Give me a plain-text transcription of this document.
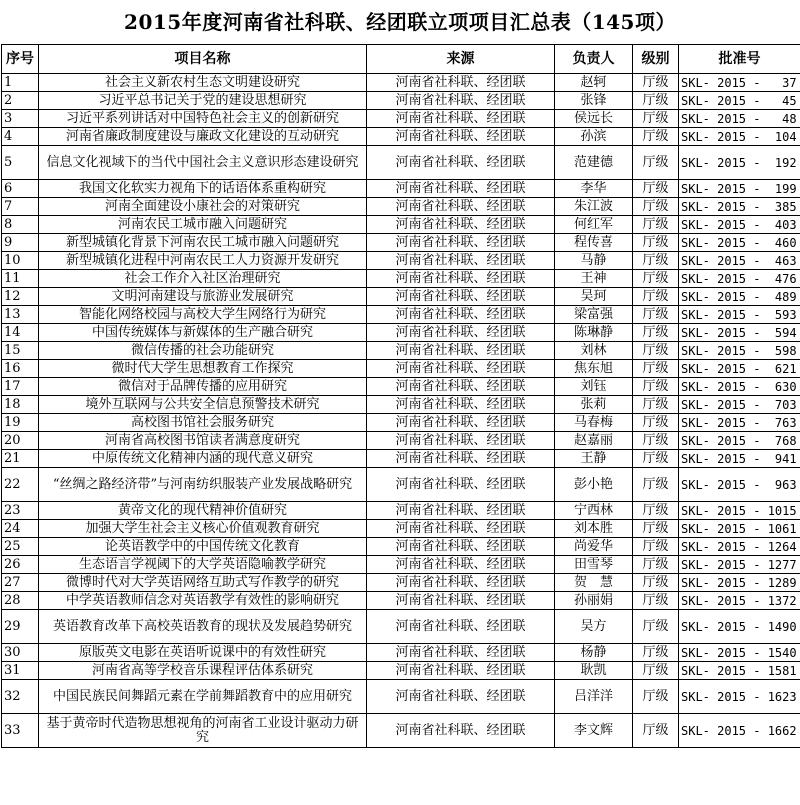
2015年度河南省社科联、经团联立项项目汇总表（145项）
序号	项目名称	来源	负责人	级别	批准号
1	社会主义新农村生态文明建设研究	河南省社科联、经团联	赵轲	厅级	SKL- 2015 -   37
2	习近平总书记关于党的建设思想研究	河南省社科联、经团联	张锋	厅级	SKL- 2015 -   45
3	习近平系列讲话对中国特色社会主义的创新研究	河南省社科联、经团联	侯远长	厅级	SKL- 2015 -   48
4	河南省廉政制度建设与廉政文化建设的互动研究	河南省社科联、经团联	孙滨	厅级	SKL- 2015 -  104
5	信息文化视域下的当代中国社会主义意识形态建设研究	河南省社科联、经团联	范建德	厅级	SKL- 2015 -  192
6	我国文化软实力视角下的话语体系重构研究	河南省社科联、经团联	李华	厅级	SKL- 2015 -  199
7	河南全面建设小康社会的对策研究	河南省社科联、经团联	朱江波	厅级	SKL- 2015 -  385
8	河南农民工城市融入问题研究	河南省社科联、经团联	何红军	厅级	SKL- 2015 -  403
9	新型城镇化背景下河南农民工城市融入问题研究	河南省社科联、经团联	程传喜	厅级	SKL- 2015 -  460
10	新型城镇化进程中河南农民工人力资源开发研究	河南省社科联、经团联	马静	厅级	SKL- 2015 -  463
11	社会工作介入社区治理研究	河南省社科联、经团联	王神	厅级	SKL- 2015 -  476
12	文明河南建设与旅游业发展研究	河南省社科联、经团联	吴珂	厅级	SKL- 2015 -  489
13	智能化网络校园与高校大学生网络行为研究	河南省社科联、经团联	梁富强	厅级	SKL- 2015 -  593
14	中国传统媒体与新媒体的生产融合研究	河南省社科联、经团联	陈琳静	厅级	SKL- 2015 -  594
15	微信传播的社会功能研究	河南省社科联、经团联	刘林	厅级	SKL- 2015 -  598
16	微时代大学生思想教育工作探究	河南省社科联、经团联	焦东旭	厅级	SKL- 2015 -  621
17	微信对于品牌传播的应用研究	河南省社科联、经团联	刘钰	厅级	SKL- 2015 -  630
18	境外互联网与公共安全信息预警技术研究	河南省社科联、经团联	张莉	厅级	SKL- 2015 -  703
19	高校图书馆社会服务研究	河南省社科联、经团联	马春梅	厅级	SKL- 2015 -  763
20	河南省高校图书馆读者满意度研究	河南省社科联、经团联	赵嘉丽	厅级	SKL- 2015 -  768
21	中原传统文化精神内涵的现代意义研究	河南省社科联、经团联	王静	厅级	SKL- 2015 -  941
22	“丝绸之路经济带”与河南纺织服装产业发展战略研究	河南省社科联、经团联	彭小艳	厅级	SKL- 2015 -  963
23	黄帝文化的现代精神价值研究	河南省社科联、经团联	宁西林	厅级	SKL- 2015 - 1015
24	加强大学生社会主义核心价值观教育研究	河南省社科联、经团联	刘本胜	厅级	SKL- 2015 - 1061
25	论英语教学中的中国传统文化教育	河南省社科联、经团联	尚爱华	厅级	SKL- 2015 - 1264
26	生态语言学视阈下的大学英语隐喻教学研究	河南省社科联、经团联	田雪琴	厅级	SKL- 2015 - 1277
27	微博时代对大学英语网络互助式写作教学的研究	河南省社科联、经团联	贺　慧	厅级	SKL- 2015 - 1289
28	中学英语教师信念对英语教学有效性的影响研究	河南省社科联、经团联	孙丽娟	厅级	SKL- 2015 - 1372
29	英语教育改革下高校英语教育的现状及发展趋势研究	河南省社科联、经团联	吴方	厅级	SKL- 2015 - 1490
30	原版英文电影在英语听说课中的有效性研究	河南省社科联、经团联	杨静	厅级	SKL- 2015 - 1540
31	河南省高等学校音乐课程评估体系研究	河南省社科联、经团联	耿凯	厅级	SKL- 2015 - 1581
32	中国民族民间舞蹈元素在学前舞蹈教育中的应用研究	河南省社科联、经团联	吕洋洋	厅级	SKL- 2015 - 1623
33	基于黄帝时代造物思想视角的河南省工业设计驱动力研究	河南省社科联、经团联	李文辉	厅级	SKL- 2015 - 1662
